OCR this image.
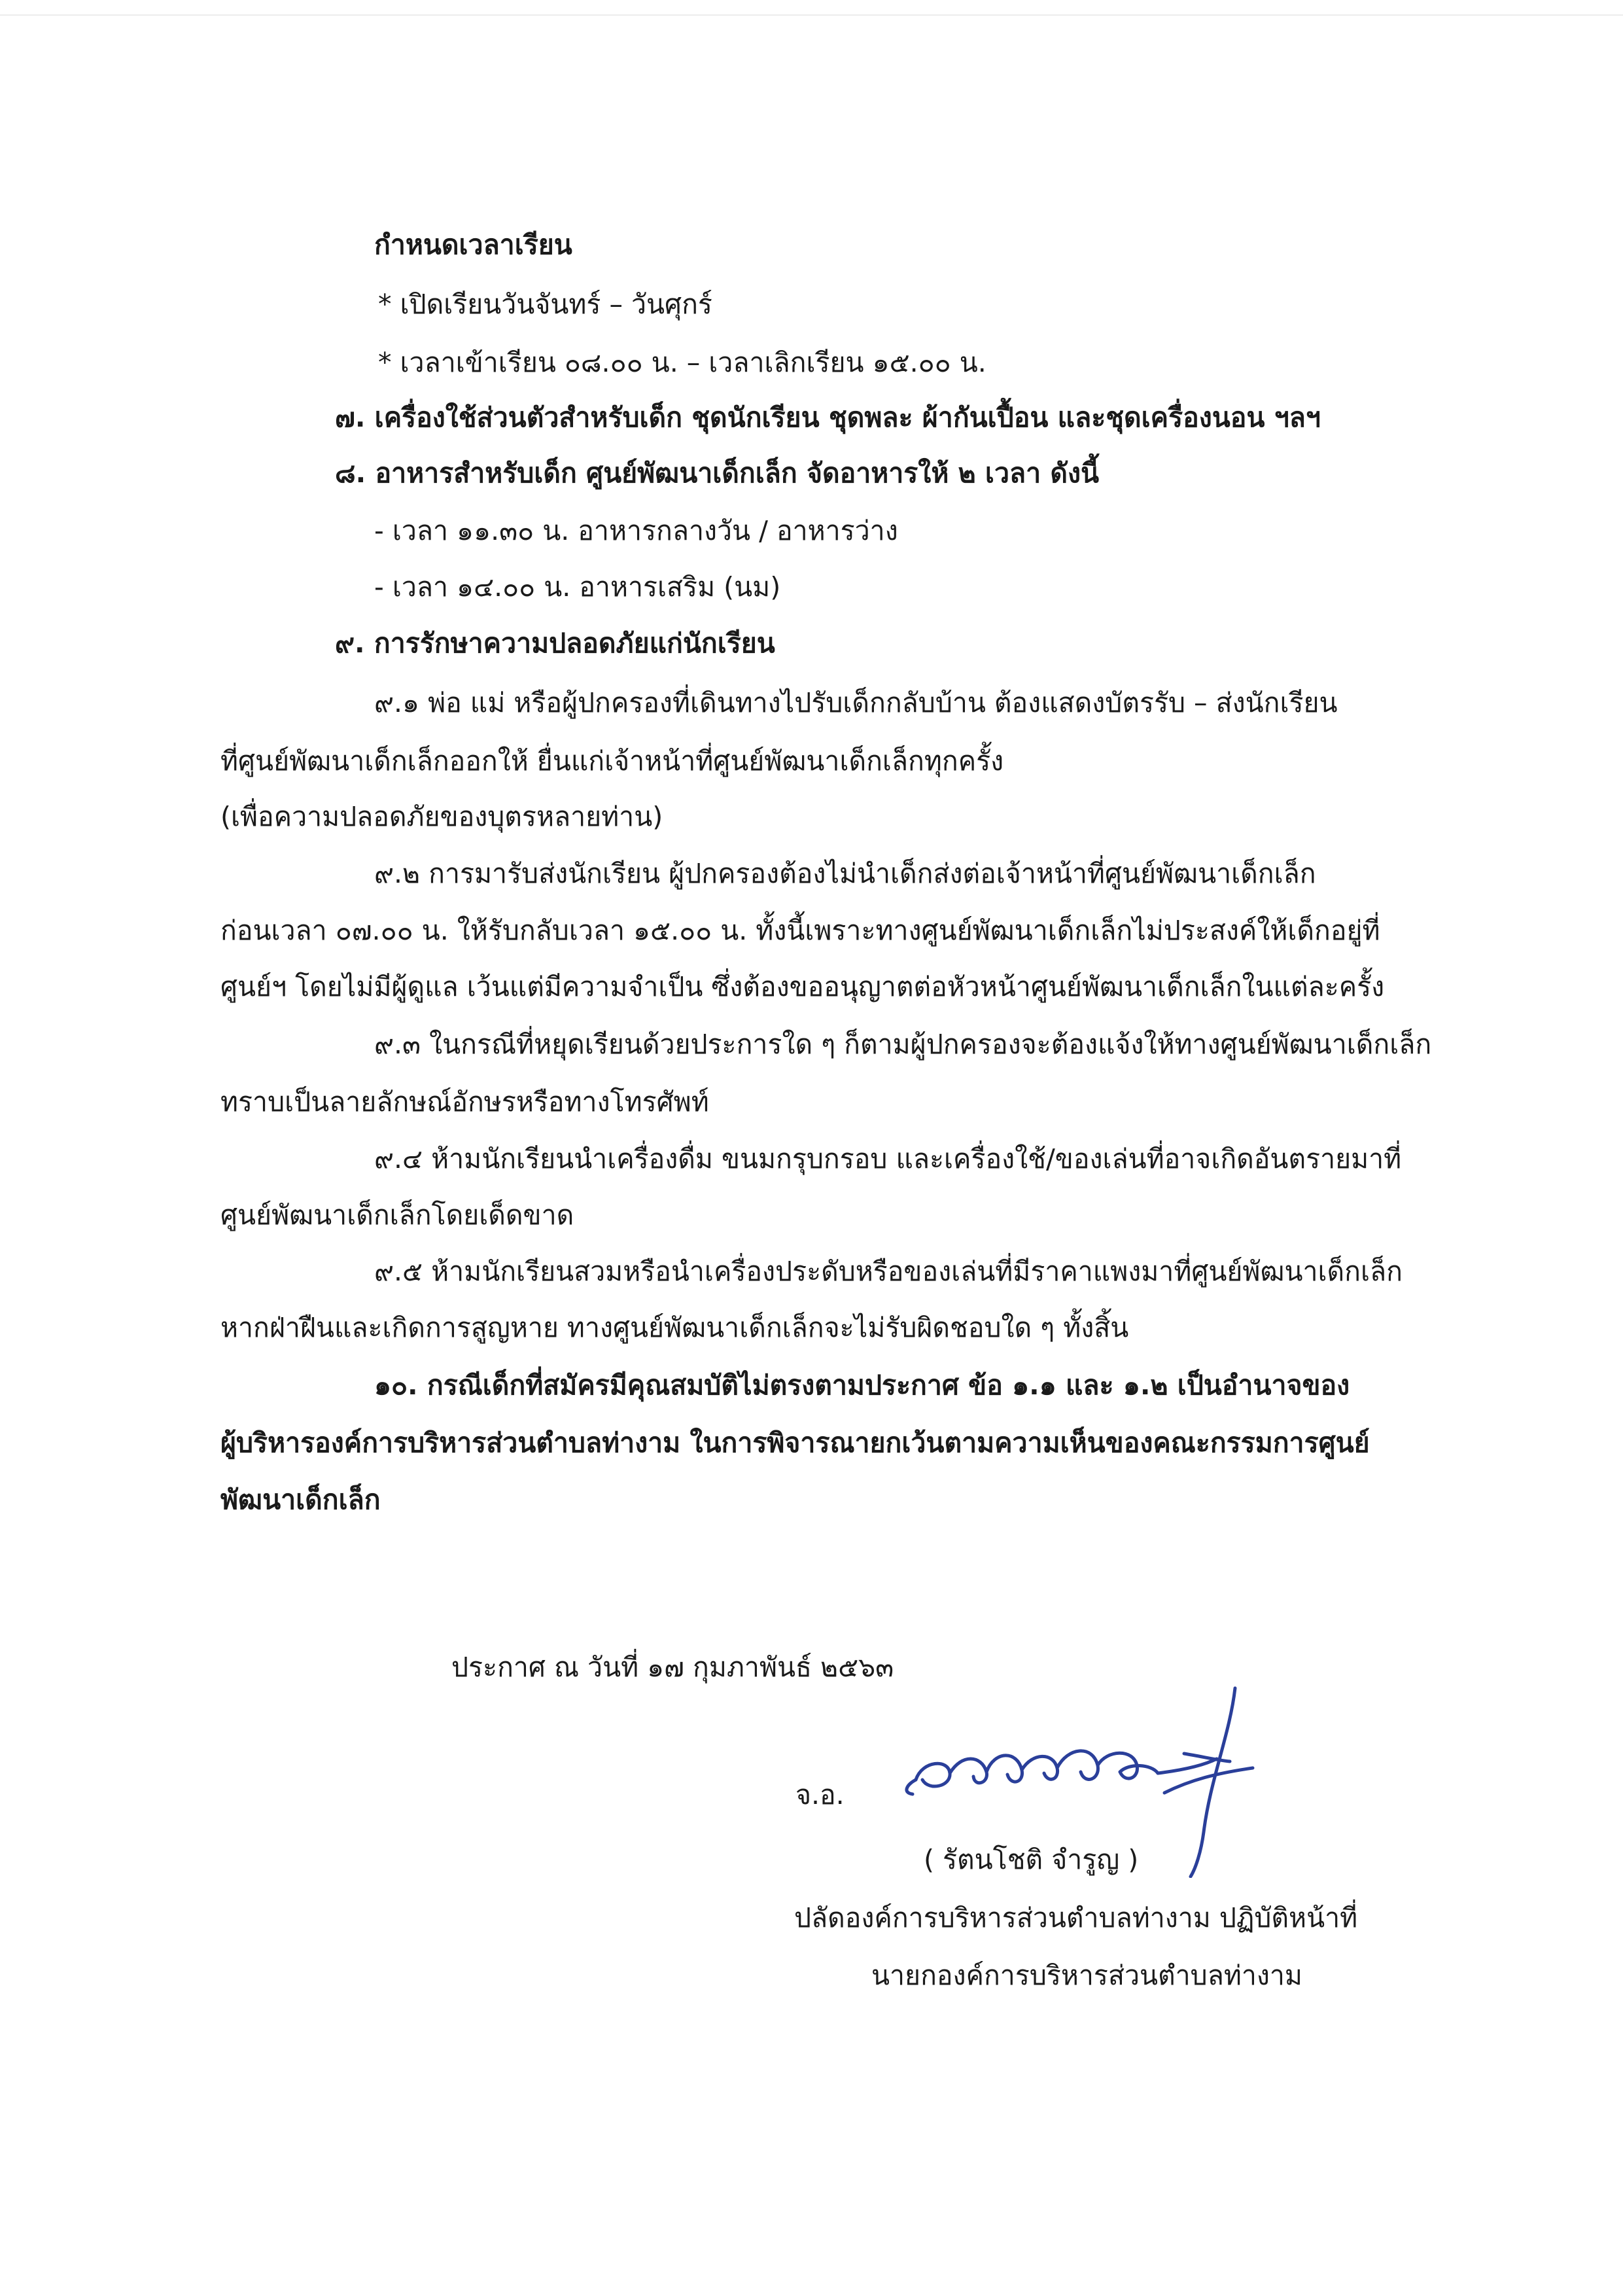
กำหนดเวลาเรียน
* เปิดเรียนวันจันทร์ – วันศุกร์
* เวลาเข้าเรียน ๐๘.๐๐ น. – เวลาเลิกเรียน ๑๕.๐๐ น.
๗. เครื่องใช้ส่วนตัวสำหรับเด็ก ชุดนักเรียน ชุดพละ ผ้ากันเปื้อน และชุดเครื่องนอน ฯลฯ
๘. อาหารสำหรับเด็ก ศูนย์พัฒนาเด็กเล็ก จัดอาหารให้ ๒ เวลา ดังนี้
- เวลา ๑๑.๓๐ น. อาหารกลางวัน / อาหารว่าง
- เวลา ๑๔.๐๐ น. อาหารเสริม (นม)
๙. การรักษาความปลอดภัยแก่นักเรียน
๙.๑ พ่อ แม่ หรือผู้ปกครองที่เดินทางไปรับเด็กกลับบ้าน ต้องแสดงบัตรรับ – ส่งนักเรียน
ที่ศูนย์พัฒนาเด็กเล็กออกให้ ยื่นแก่เจ้าหน้าที่ศูนย์พัฒนาเด็กเล็กทุกครั้ง
(เพื่อความปลอดภัยของบุตรหลายท่าน)
๙.๒ การมารับส่งนักเรียน ผู้ปกครองต้องไม่นำเด็กส่งต่อเจ้าหน้าที่ศูนย์พัฒนาเด็กเล็ก
ก่อนเวลา ๐๗.๐๐ น. ให้รับกลับเวลา ๑๕.๐๐ น. ทั้งนี้เพราะทางศูนย์พัฒนาเด็กเล็กไม่ประสงค์ให้เด็กอยู่ที่
ศูนย์ฯ โดยไม่มีผู้ดูแล เว้นแต่มีความจำเป็น ซึ่งต้องขออนุญาตต่อหัวหน้าศูนย์พัฒนาเด็กเล็กในแต่ละครั้ง
๙.๓ ในกรณีที่หยุดเรียนด้วยประการใด ๆ ก็ตามผู้ปกครองจะต้องแจ้งให้ทางศูนย์พัฒนาเด็กเล็ก
ทราบเป็นลายลักษณ์อักษรหรือทางโทรศัพท์
๙.๔ ห้ามนักเรียนนำเครื่องดื่ม ขนมกรุบกรอบ และเครื่องใช้/ของเล่นที่อาจเกิดอันตรายมาที่
ศูนย์พัฒนาเด็กเล็กโดยเด็ดขาด
๙.๕ ห้ามนักเรียนสวมหรือนำเครื่องประดับหรือของเล่นที่มีราคาแพงมาที่ศูนย์พัฒนาเด็กเล็ก
หากฝ่าฝืนและเกิดการสูญหาย ทางศูนย์พัฒนาเด็กเล็กจะไม่รับผิดชอบใด ๆ ทั้งสิ้น
๑๐. กรณีเด็กที่สมัครมีคุณสมบัติไม่ตรงตามประกาศ ข้อ ๑.๑ และ ๑.๒ เป็นอำนาจของ
ผู้บริหารองค์การบริหารส่วนตำบลท่างาม ในการพิจารณายกเว้นตามความเห็นของคณะกรรมการศูนย์
พัฒนาเด็กเล็ก
ประกาศ ณ วันที่ ๑๗ กุมภาพันธ์ ๒๕๖๓
จ.อ.
( รัตนโชติ จำรูญ )
ปลัดองค์การบริหารส่วนตำบลท่างาม ปฏิบัติหน้าที่
นายกองค์การบริหารส่วนตำบลท่างาม
